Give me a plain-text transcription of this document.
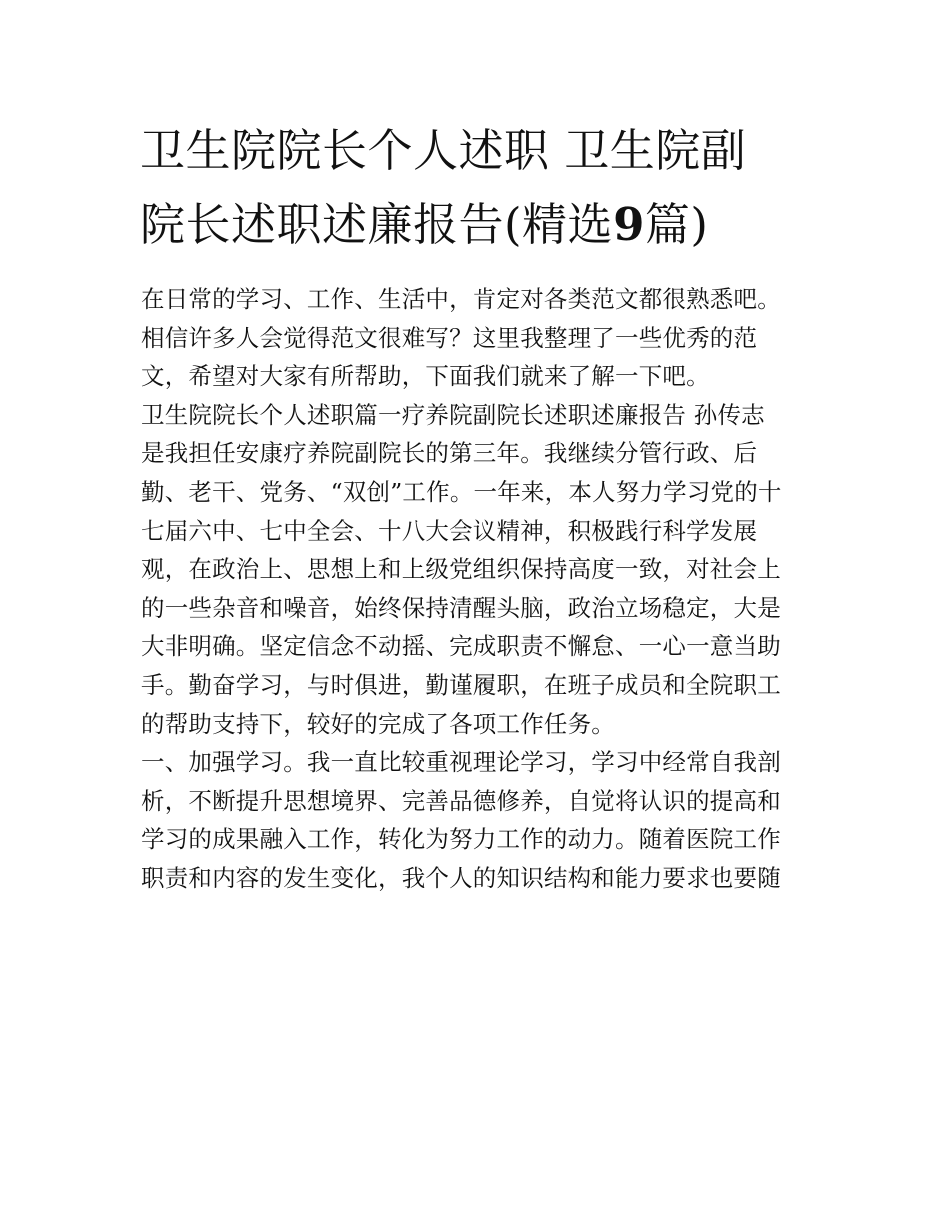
卫生院院长个人述职 卫生院副
院长述职述廉报告(精选9篇)
在日常的学习、工作、生活中，肯定对各类范文都很熟悉吧。
相信许多人会觉得范文很难写？这里我整理了一些优秀的范
文，希望对大家有所帮助，下面我们就来了解一下吧。
卫生院院长个人述职篇一疗养院副院长述职述廉报告 孙传志
是我担任安康疗养院副院长的第三年。我继续分管行政、后
勤、老干、党务、“双创”工作。一年来，本人努力学习党的十
七届六中、七中全会、十八大会议精神，积极践行科学发展
观，在政治上、思想上和上级党组织保持高度一致，对社会上
的一些杂音和噪音，始终保持清醒头脑，政治立场稳定，大是
大非明确。坚定信念不动摇、完成职责不懈怠、一心一意当助
手。勤奋学习，与时俱进，勤谨履职，在班子成员和全院职工
的帮助支持下，较好的完成了各项工作任务。
一、加强学习。我一直比较重视理论学习，学习中经常自我剖
析，不断提升思想境界、完善品德修养，自觉将认识的提高和
学习的成果融入工作，转化为努力工作的动力。随着医院工作
职责和内容的发生变化，我个人的知识结构和能力要求也要随
